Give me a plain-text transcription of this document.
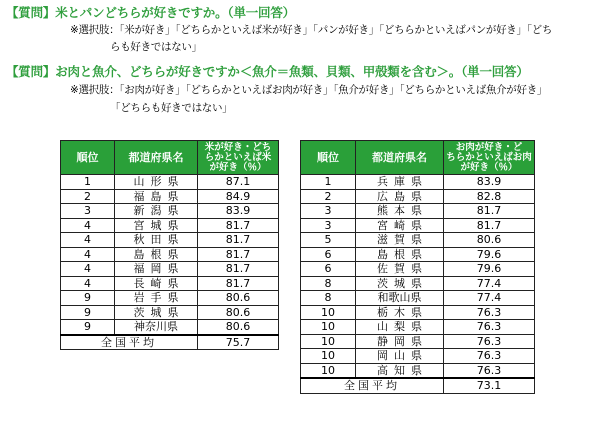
【質問】米とパンどちらが好きですか。（単一回答）
※選択肢：「米が好き」「どちらかといえば米が好き」「パンが好き」「どちらかといえばパンが好き」「どち
らも好きではない」
【質問】お肉と魚介、どちらが好きですか＜魚介＝魚類、貝類、甲殻類を含む＞。（単一回答）
※選択肢：「お肉が好き」「どちらかといえばお肉が好き」「魚介が好き」「どちらかといえば魚介が好き」
「どちらも好きではない」
順位	都道府県名	米が好き・どち
らかといえば米
が好き（％）

1	山形県	87.1
2	福島県	84.9
3	新潟県	83.9
4	宮城県	81.7
4	秋田県	81.7
4	島根県	81.7
4	福岡県	81.7
4	長崎県	81.7
9	岩手県	80.6
9	茨城県	80.6
9	神奈川県	80.6
全国平均		75.7
順位	都道府県名	お肉が好き・ど
ちらかといえばお肉
が好き（％）

1	兵庫県	83.9
2	広島県	82.8
3	熊本県	81.7
3	宮崎県	81.7
5	滋賀県	80.6
6	島根県	79.6
6	佐賀県	79.6
8	茨城県	77.4
8	和歌山県	77.4
10	栃木県	76.3
10	山梨県	76.3
10	静岡県	76.3
10	岡山県	76.3
10	高知県	76.3
全国平均		73.1
